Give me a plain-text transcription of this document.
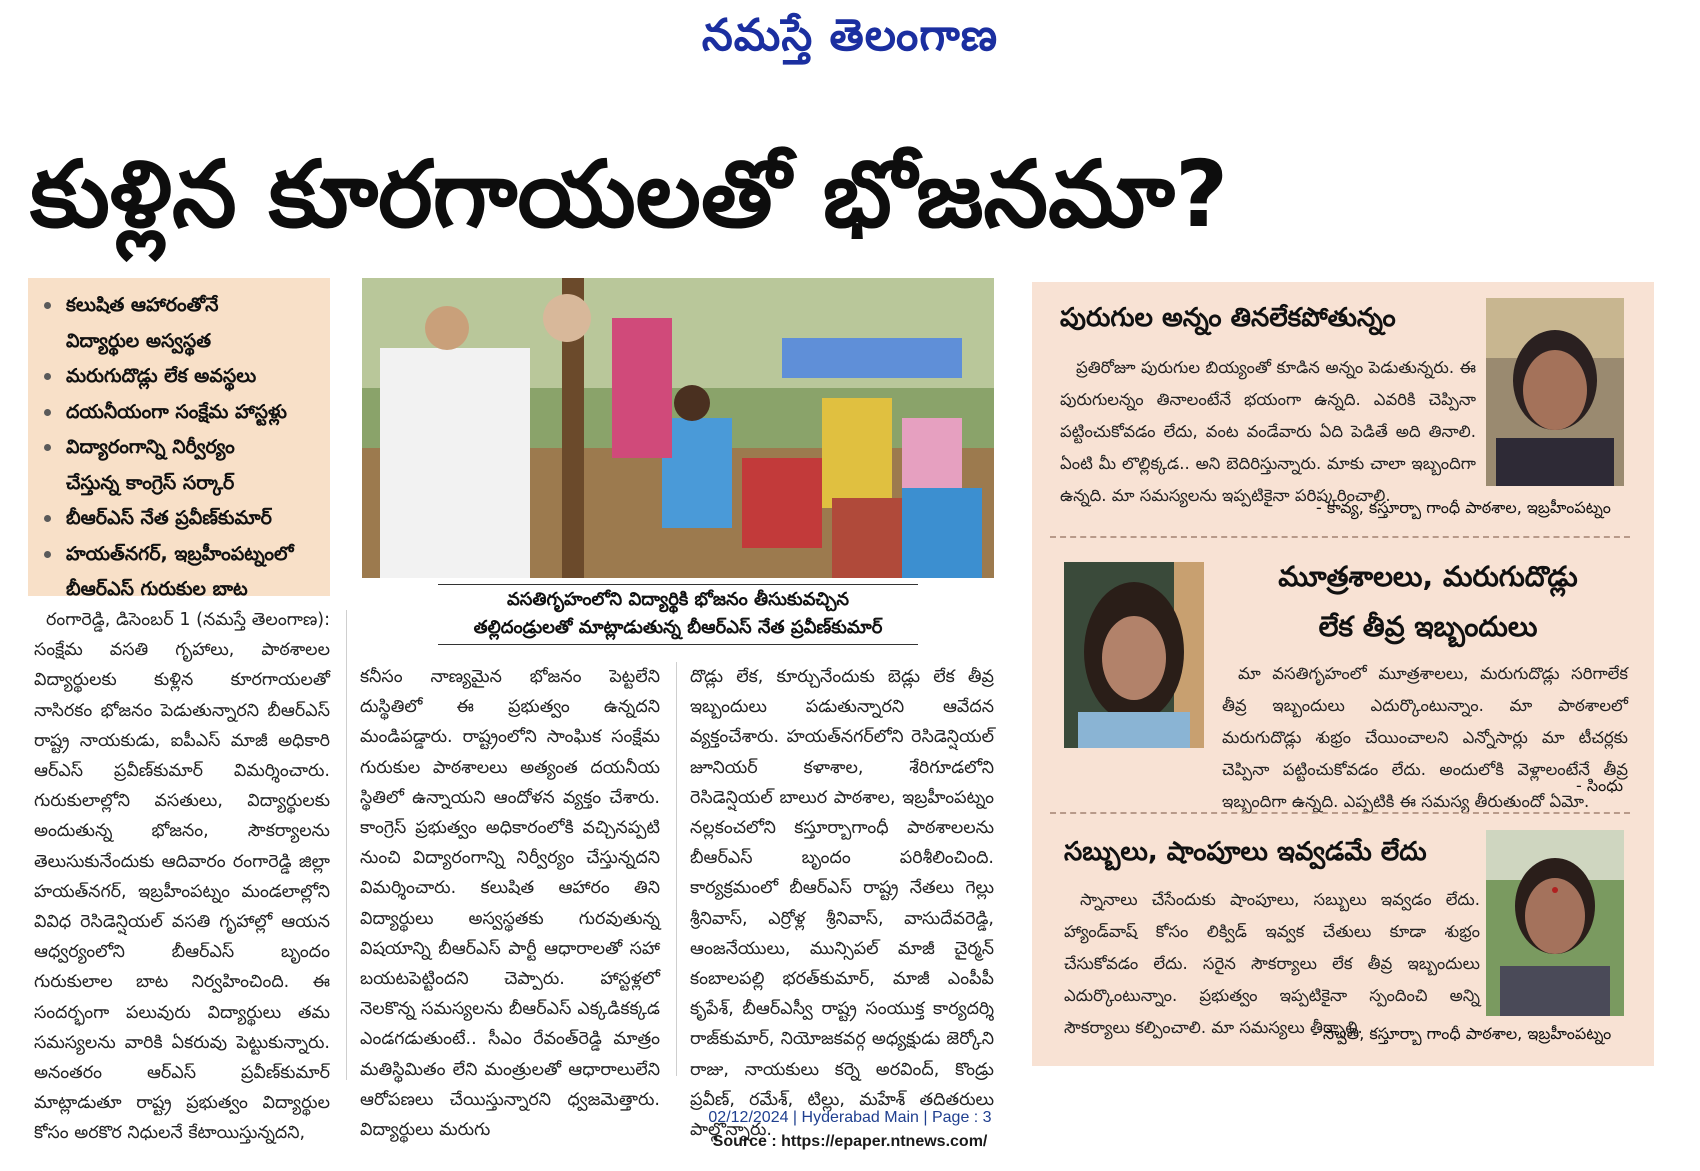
నమస్తే తెలంగాణ
కుళ్లిన కూరగాయలతో భోజనమా?
కలుషిత ఆహారంతోనే
విద్యార్థుల అస్వస్థత
మరుగుదొడ్లు లేక అవస్థలు
దయనీయంగా సంక్షేమ హాస్టళ్లు
విద్యారంగాన్ని నిర్వీర్యం
చేస్తున్న కాంగ్రెస్ సర్కార్
బీఆర్ఎస్ నేత ప్రవీణ్‌కుమార్
హయత్‌నగర్, ఇబ్రహీంపట్నంలో
బీఆర్ఎస్ గురుకుల బాట	వసతిగృహంలోని విద్యార్థికి భోజనం తీసుకువచ్చిన
తల్లిదండ్రులతో మాట్లాడుతున్న బీఆర్ఎస్ నేత ప్రవీణ్‌కుమార్
రంగారెడ్డి, డిసెంబర్ 1 (నమస్తే తెలంగాణ): సంక్షేమ వసతి గృహాలు, పాఠశాలల విద్యార్థులకు కుళ్లిన కూరగాయలతో నాసిరకం భోజనం పెడుతున్నారని బీఆర్ఎస్ రాష్ట్ర నాయకుడు, ఐపీఎస్ మాజీ అధికారి ఆర్ఎస్ ప్రవీణ్‌కుమార్ విమర్శించారు. గురుకులాల్లోని వసతులు, విద్యార్థులకు అందుతున్న భోజనం, సౌకర్యాలను తెలుసుకునేందుకు ఆదివారం రంగారెడ్డి జిల్లా హయత్‌నగర్, ఇబ్రహీంపట్నం మండలాల్లోని వివిధ రెసిడెన్షియల్ వసతి గృహాల్లో ఆయన ఆధ్వర్యంలోని బీఆర్ఎస్ బృందం గురుకులాల బాట నిర్వహించింది. ఈ సందర్భంగా పలువురు విద్యార్థులు తమ సమస్యలను వారికి ఏకరువు పెట్టుకున్నారు. అనంతరం ఆర్ఎస్ ప్రవీణ్‌కుమార్ మాట్లాడుతూ రాష్ట్ర ప్రభుత్వం విద్యార్థుల కోసం అరకొర నిధులనే కేటాయిస్తున్నదని,
కనీసం నాణ్యమైన భోజనం పెట్టలేని దుస్థితిలో ఈ ప్రభుత్వం ఉన్నదని మండిపడ్డారు. రాష్ట్రంలోని సాంఘిక సంక్షేమ గురుకుల పాఠశాలలు అత్యంత దయనీయ స్థితిలో ఉన్నాయని ఆందోళన వ్యక్తం చేశారు. కాంగ్రెస్ ప్రభుత్వం అధికారంలోకి వచ్చినప్పటి నుంచి విద్యారంగాన్ని నిర్వీర్యం చేస్తున్నదని విమర్శించారు. కలుషిత ఆహారం తిని విద్యార్థులు అస్వస్థతకు గురవుతున్న విషయాన్ని బీఆర్ఎస్ పార్టీ ఆధారాలతో సహా బయటపెట్టిందని చెప్పారు. హాస్టళ్లలో నెలకొన్న సమస్యలను బీఆర్ఎస్ ఎక్కడికక్కడ ఎండగడుతుంటే.. సీఎం రేవంత్‌రెడ్డి మాత్రం మతిస్థిమితం లేని మంత్రులతో ఆధారాలులేని ఆరోపణలు చేయిస్తున్నారని ధ్వజమెత్తారు. విద్యార్థులు మరుగు
దొడ్లు లేక, కూర్చునేందుకు బెడ్లు లేక తీవ్ర ఇబ్బందులు పడుతున్నారని ఆవేదన వ్యక్తంచేశారు. హయత్‌నగర్‌లోని రెసిడెన్షియల్ జూనియర్ కళాశాల, శేరిగూడలోని రెసిడెన్షియల్ బాలుర పాఠశాల, ఇబ్రహీంపట్నం నల్లకంచలోని కస్తూర్బాగాంధీ పాఠశాలలను బీఆర్ఎస్ బృందం పరిశీలించింది. కార్యక్రమంలో బీఆర్ఎస్ రాష్ట్ర నేతలు గెల్లు శ్రీనివాస్, ఎర్రోళ్ల శ్రీనివాస్, వాసుదేవరెడ్డి, ఆంజనేయులు, మున్సిపల్ మాజీ చైర్మన్ కంబాలపల్లి భరత్‌కుమార్, మాజీ ఎంపీపీ కృపేశ్, బీఆర్ఎస్వీ రాష్ట్ర సంయుక్త కార్యదర్శి రాజ్‌కుమార్, నియోజకవర్గ అధ్యక్షుడు జెర్కోని రాజు, నాయకులు కర్నె అరవింద్, కొండ్రు ప్రవీణ్, రమేశ్, టిల్లు, మహేశ్ తదితరులు పాల్గొన్నారు.
పురుగుల అన్నం తినలేకపోతున్నం

ప్రతిరోజూ పురుగుల బియ్యంతో కూడిన అన్నం పెడుతున్నరు. ఈ పురుగులన్నం తినాలంటేనే భయంగా ఉన్నది. ఎవరికి చెప్పినా పట్టించుకోవడం లేదు, వంట వండేవారు ఏది పెడితే అది తినాలి. ఏంటి మీ లొల్లిక్కడ.. అని బెదిరిస్తున్నారు. మాకు చాలా ఇబ్బందిగా ఉన్నది. మా సమస్యలను ఇప్పటికైనా పరిష్కరించాలి.

- కావ్య, కస్తూర్బా గాంధీ పాఠశాల, ఇబ్రహీంపట్నం
మూత్రశాలలు, మరుగుదొడ్లు
లేక తీవ్ర ఇబ్బందులు

మా వసతిగృహంలో మూత్రశాలలు, మరుగుదొడ్లు సరిగాలేక తీవ్ర ఇబ్బందులు ఎదుర్కొంటున్నాం. మా పాఠశాలలో మరుగుదొడ్లు శుభ్రం చేయించాలని ఎన్నోసార్లు మా టీచర్లకు చెప్పినా పట్టించుకోవడం లేదు. అందులోకి వెళ్లాలంటేనే తీవ్ర ఇబ్బందిగా ఉన్నది. ఎప్పటికి ఈ సమస్య తీరుతుందో ఏమో.

- సింధు
సబ్బులు, షాంపూలు ఇవ్వడమే లేదు

స్నానాలు చేసేందుకు షాంపూలు, సబ్బులు ఇవ్వడం లేదు. హ్యాండ్‌వాష్ కోసం లిక్విడ్ ఇవ్వక చేతులు కూడా శుభ్రం చేసుకోవడం లేదు. సరైన సౌకర్యాలు లేక తీవ్ర ఇబ్బందులు ఎదుర్కొంటున్నాం. ప్రభుత్వం ఇప్పటికైనా స్పందించి అన్ని సౌకర్యాలు కల్పించాలి. మా సమస్యలు తీర్చాలి.

- స్వాతి, కస్తూర్బా గాంధీ పాఠశాల, ఇబ్రహీంపట్నం
02/12/2024 | Hyderabad Main | Page : 3
Source : https://epaper.ntnews.com/
